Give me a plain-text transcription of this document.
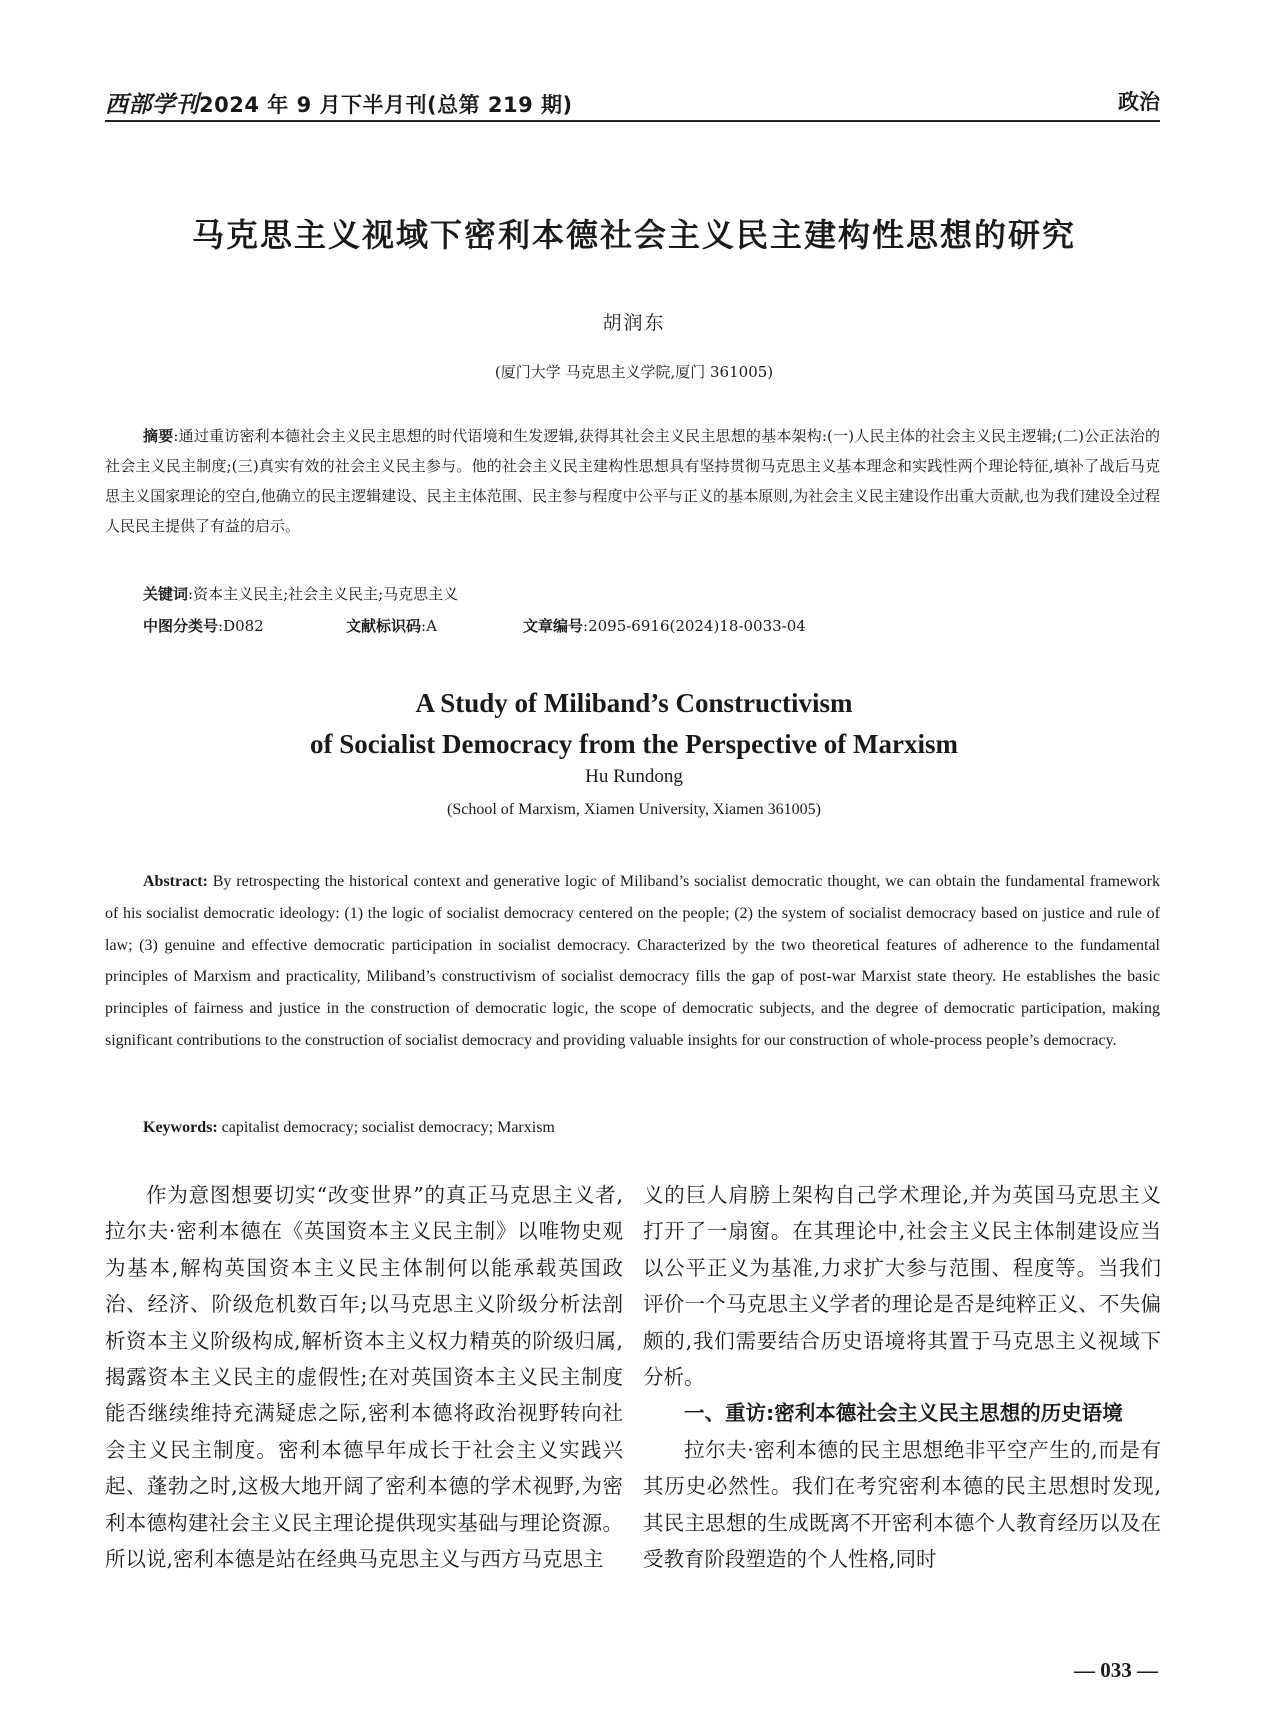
西部学刊2024 年 9 月下半月刊(总第 219 期)	政治
马克思主义视域下密利本德社会主义民主建构性思想的研究
胡润东
(厦门大学 马克思主义学院,厦门 361005)
摘要:通过重访密利本德社会主义民主思想的时代语境和生发逻辑,获得其社会主义民主思想的基本架构:(一)人民主体的社会主义民主逻辑;(二)公正法治的社会主义民主制度;(三)真实有效的社会主义民主参与。他的社会主义民主建构性思想具有坚持贯彻马克思主义基本理念和实践性两个理论特征,填补了战后马克思主义国家理论的空白,他确立的民主逻辑建设、民主主体范围、民主参与程度中公平与正义的基本原则,为社会主义民主建设作出重大贡献,也为我们建设全过程人民民主提供了有益的启示。
关键词:资本主义民主;社会主义民主;马克思主义
中图分类号:D082	文献标识码:A	文章编号:2095-6916(2024)18-0033-04
A Study of Miliband’s Constructivism
of Socialist Democracy from the Perspective of Marxism
Hu Rundong
(School of Marxism, Xiamen University, Xiamen 361005)
Abstract: By retrospecting the historical context and generative logic of Miliband’s socialist democratic thought, we can obtain the fundamental framework of his socialist democratic ideology: (1) the logic of socialist democracy centered on the people; (2) the system of socialist democracy based on justice and rule of law; (3) genuine and effective democratic participation in socialist democracy. Characterized by the two theoretical features of adherence to the fundamental principles of Marxism and practicality, Miliband’s constructivism of socialist democracy fills the gap of post-war Marxist state theory. He establishes the basic principles of fairness and justice in the construction of democratic logic, the scope of democratic subjects, and the degree of democratic participation, making significant contributions to the construction of socialist democracy and providing valuable insights for our construction of whole-process people’s democracy.
Keywords: capitalist democracy; socialist democracy; Marxism

作为意图想要切实“改变世界”的真正马克思主义者,拉尔夫·密利本德在《英国资本主义民主制》以唯物史观为基本,解构英国资本主义民主体制何以能承载英国政治、经济、阶级危机数百年;以马克思主义阶级分析法剖析资本主义阶级构成,解析资本主义权力精英的阶级归属,揭露资本主义民主的虚假性;在对英国资本主义民主制度能否继续维持充满疑虑之际,密利本德将政治视野转向社会主义民主制度。密利本德早年成长于社会主义实践兴起、蓬勃之时,这极大地开阔了密利本德的学术视野,为密利本德构建社会主义民主理论提供现实基础与理论资源。所以说,密利本德是站在经典马克思主义与西方马克思主

义的巨人肩膀上架构自己学术理论,并为英国马克思主义打开了一扇窗。在其理论中,社会主义民主体制建设应当以公平正义为基准,力求扩大参与范围、程度等。当我们评价一个马克思主义学者的理论是否是纯粹正义、不失偏颇的,我们需要结合历史语境将其置于马克思主义视域下分析。

一、重访:密利本德社会主义民主思想的历史语境

拉尔夫·密利本德的民主思想绝非平空产生的,而是有其历史必然性。我们在考究密利本德的民主思想时发现,其民主思想的生成既离不开密利本德个人教育经历以及在受教育阶段塑造的个人性格,同时

— 033 —
